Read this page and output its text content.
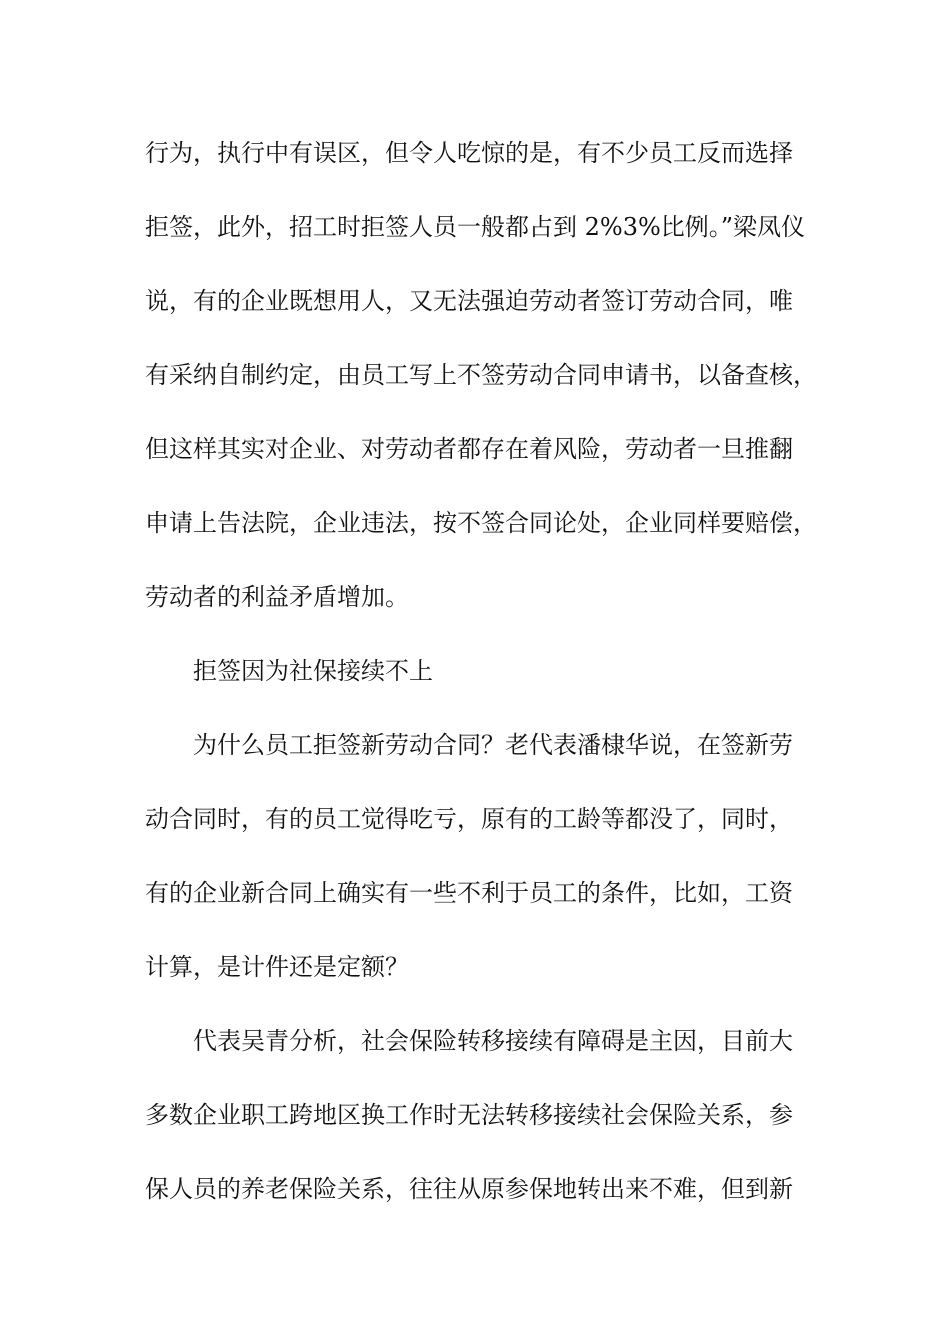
行为，执行中有误区，但令人吃惊的是，有不少员工反而选择

拒签，此外，招工时拒签人员一般都占到 2%3%比例。”梁凤仪

说，有的企业既想用人，又无法强迫劳动者签订劳动合同，唯

有采纳自制约定，由员工写上不签劳动合同申请书，以备查核，

但这样其实对企业、对劳动者都存在着风险，劳动者一旦推翻

申请上告法院，企业违法，按不签合同论处，企业同样要赔偿，

劳动者的利益矛盾增加。

拒签因为社保接续不上

为什么员工拒签新劳动合同？老代表潘棣华说，在签新劳

动合同时，有的员工觉得吃亏，原有的工龄等都没了，同时，

有的企业新合同上确实有一些不利于员工的条件，比如，工资

计算，是计件还是定额？

代表吴青分析，社会保险转移接续有障碍是主因，目前大

多数企业职工跨地区换工作时无法转移接续社会保险关系，参

保人员的养老保险关系，往往从原参保地转出来不难，但到新
